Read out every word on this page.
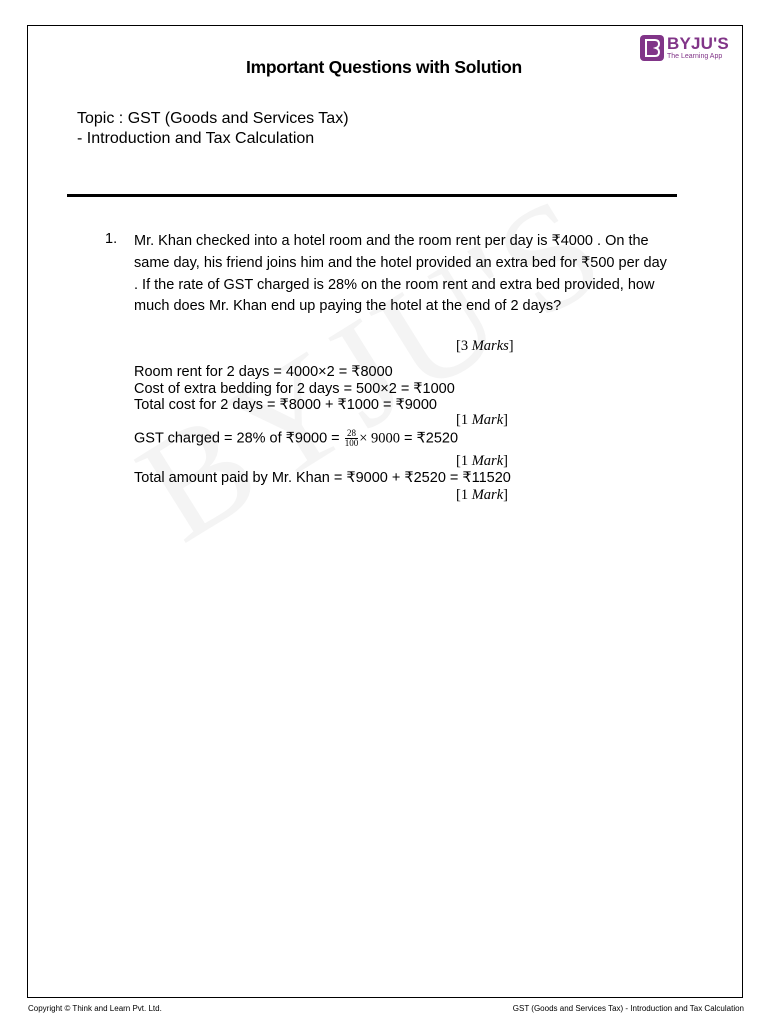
BYJU'S
The Learning App
Important Questions with Solution
Topic : GST (Goods and Services Tax) - Introduction and Tax Calculation
1. Mr. Khan checked into a hotel room and the room rent per day is ₹4000 . On the same day, his friend joins him and the hotel provided an extra bed for ₹500 per day . If the rate of GST charged is 28% on the room rent and extra bed provided, how much does Mr. Khan end up paying the hotel at the end of 2 days?
[3 Marks]
Room rent for 2 days = 4000×2 = ₹8000
Cost of extra bedding for 2 days = 500×2 = ₹1000
Total cost for 2 days = ₹8000 + ₹1000 = ₹9000
[1 Mark]
GST charged = 28% of ₹9000 = $\frac{28}{100} \times 9000$ = ₹2520
[1 Mark]
Total amount paid by Mr. Khan = ₹9000 + ₹2520 = ₹11520
[1 Mark]
Copyright © Think and Learn Pvt. Ltd.	GST (Goods and Services Tax) - Introduction and Tax Calculation
